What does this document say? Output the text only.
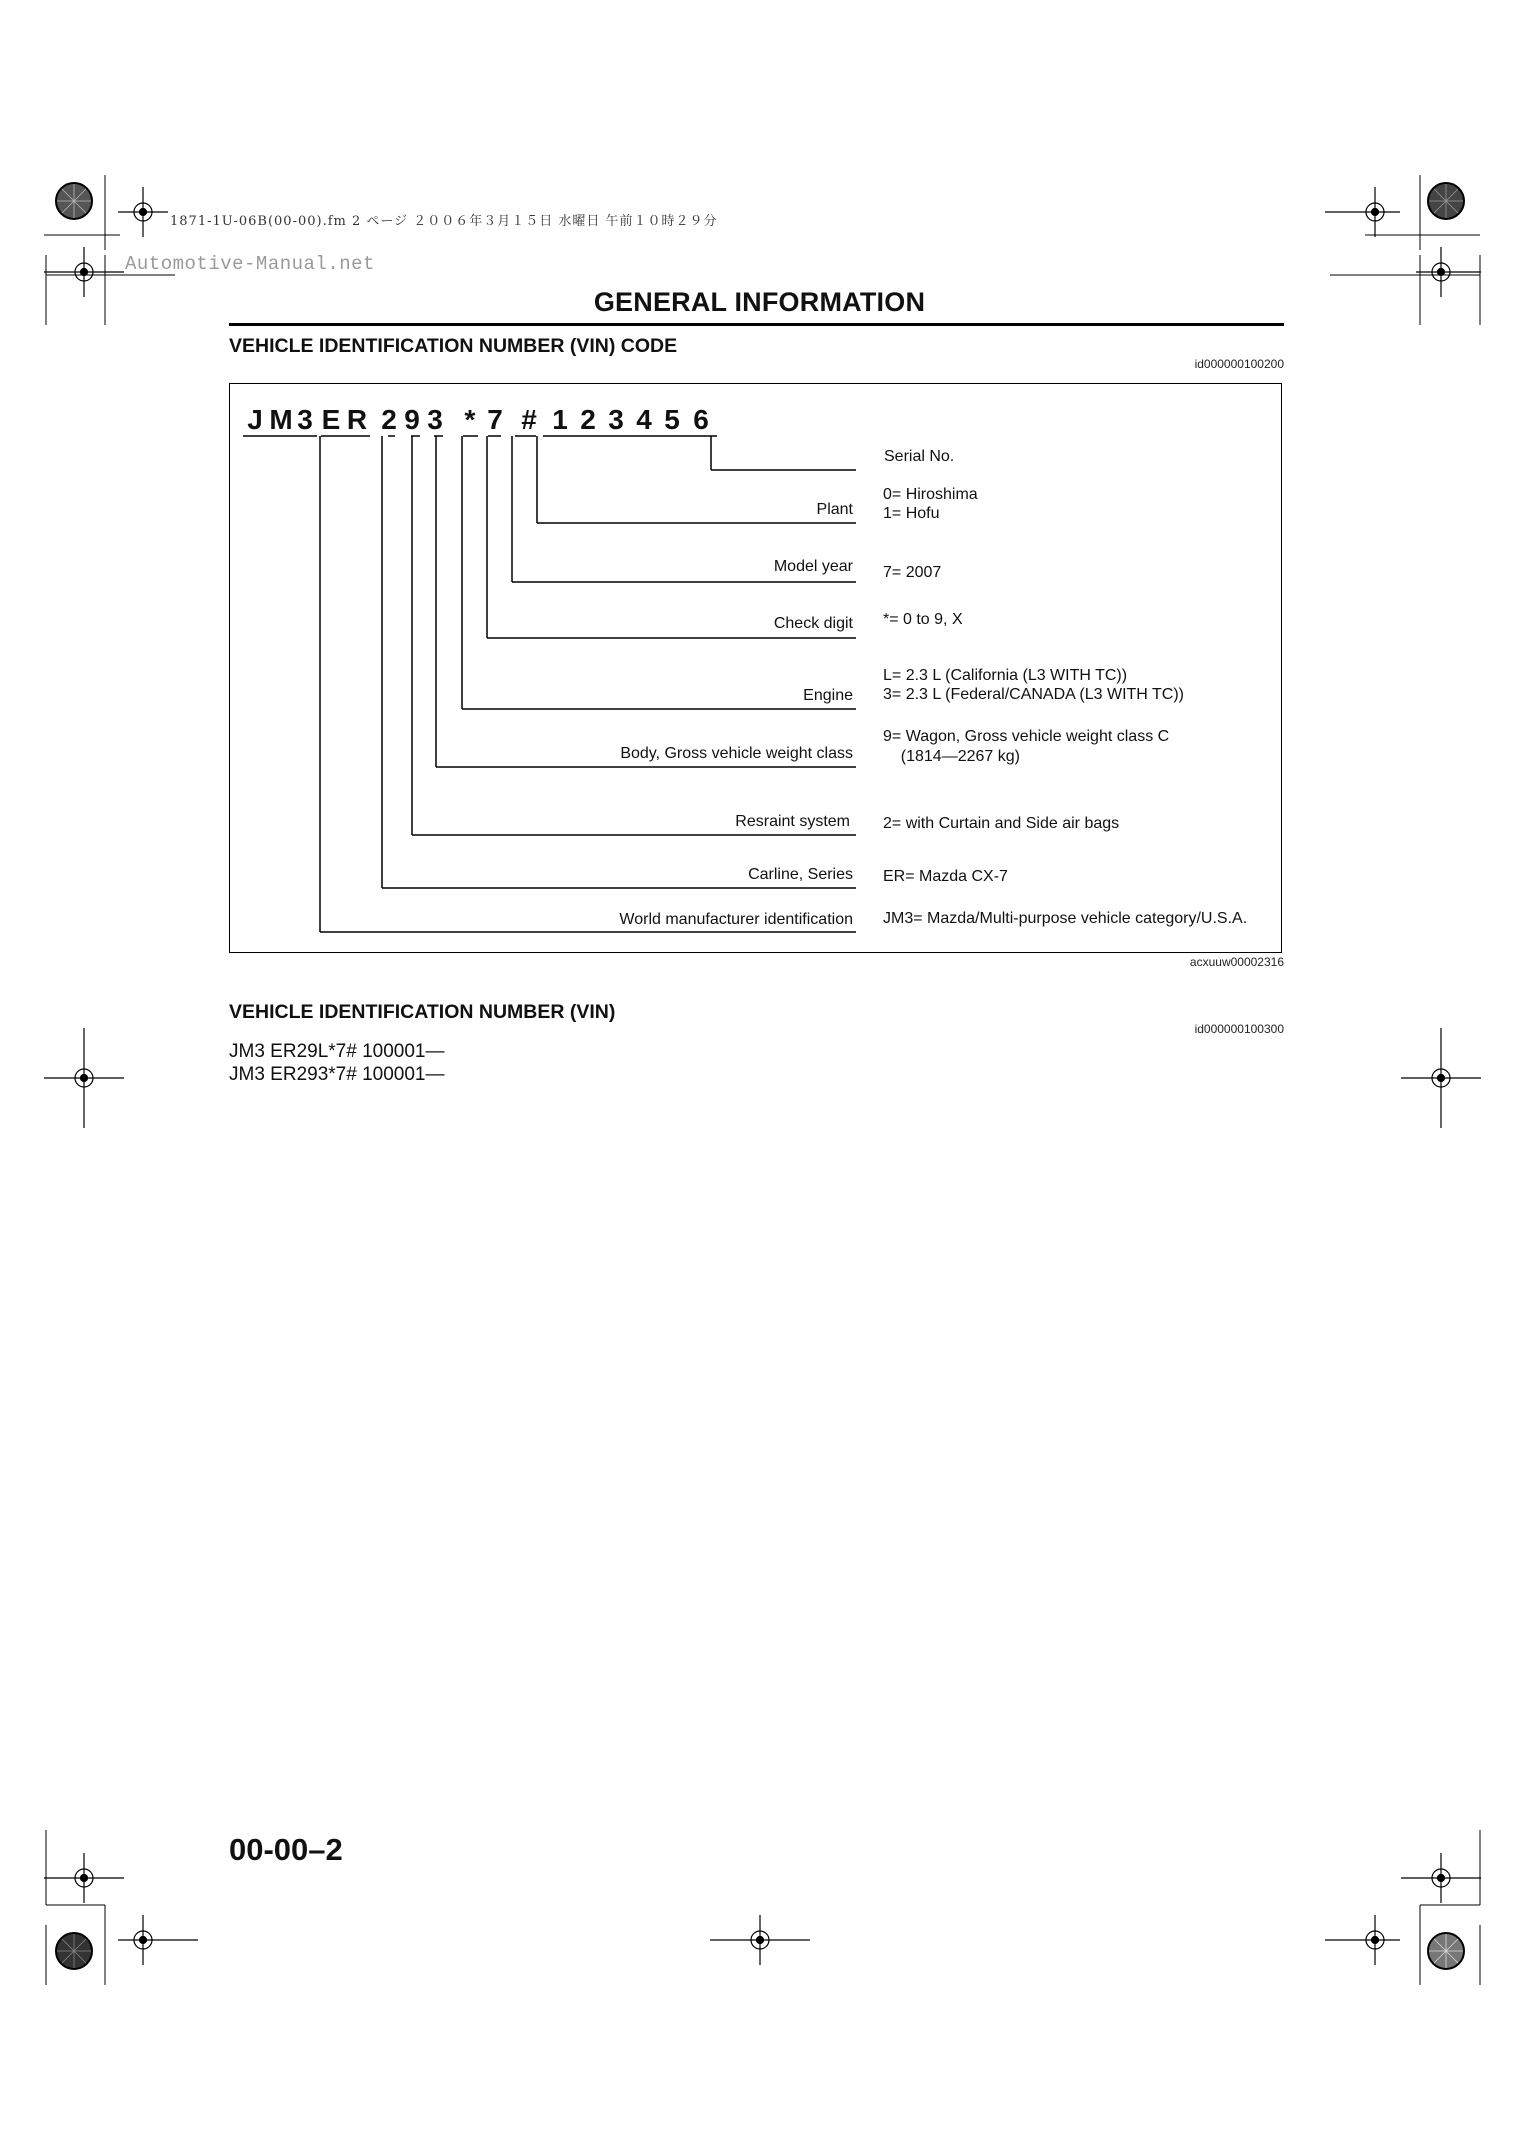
1871-1U-06B(00-00).fm 2 ページ ２００６年３月１５日 水曜日 午前１０時２９分
Automotive-Manual.net
GENERAL INFORMATION
VEHICLE IDENTIFICATION NUMBER (VIN) CODE
id000000100200
J M 3 E R 2 9 3 * 7 # 1 2 3 4 5 6
Plant
Model year
Check digit
Engine
Body, Gross vehicle weight class
Resraint system
Carline, Series
World manufacturer identification
Serial No.
0= Hiroshima
1= Hofu
7= 2007
*= 0 to 9, X
L= 2.3 L (California (L3 WITH TC))
3= 2.3 L (Federal/CANADA (L3 WITH TC))
9= Wagon, Gross vehicle weight class C
(1814—2267 kg)
2= with Curtain and Side air bags
ER= Mazda CX-7
JM3= Mazda/Multi-purpose vehicle category/U.S.A.
acxuuw00002316
VEHICLE IDENTIFICATION NUMBER (VIN)
id000000100300
JM3 ER29L*7# 100001—
JM3 ER293*7# 100001—
00-00–2
